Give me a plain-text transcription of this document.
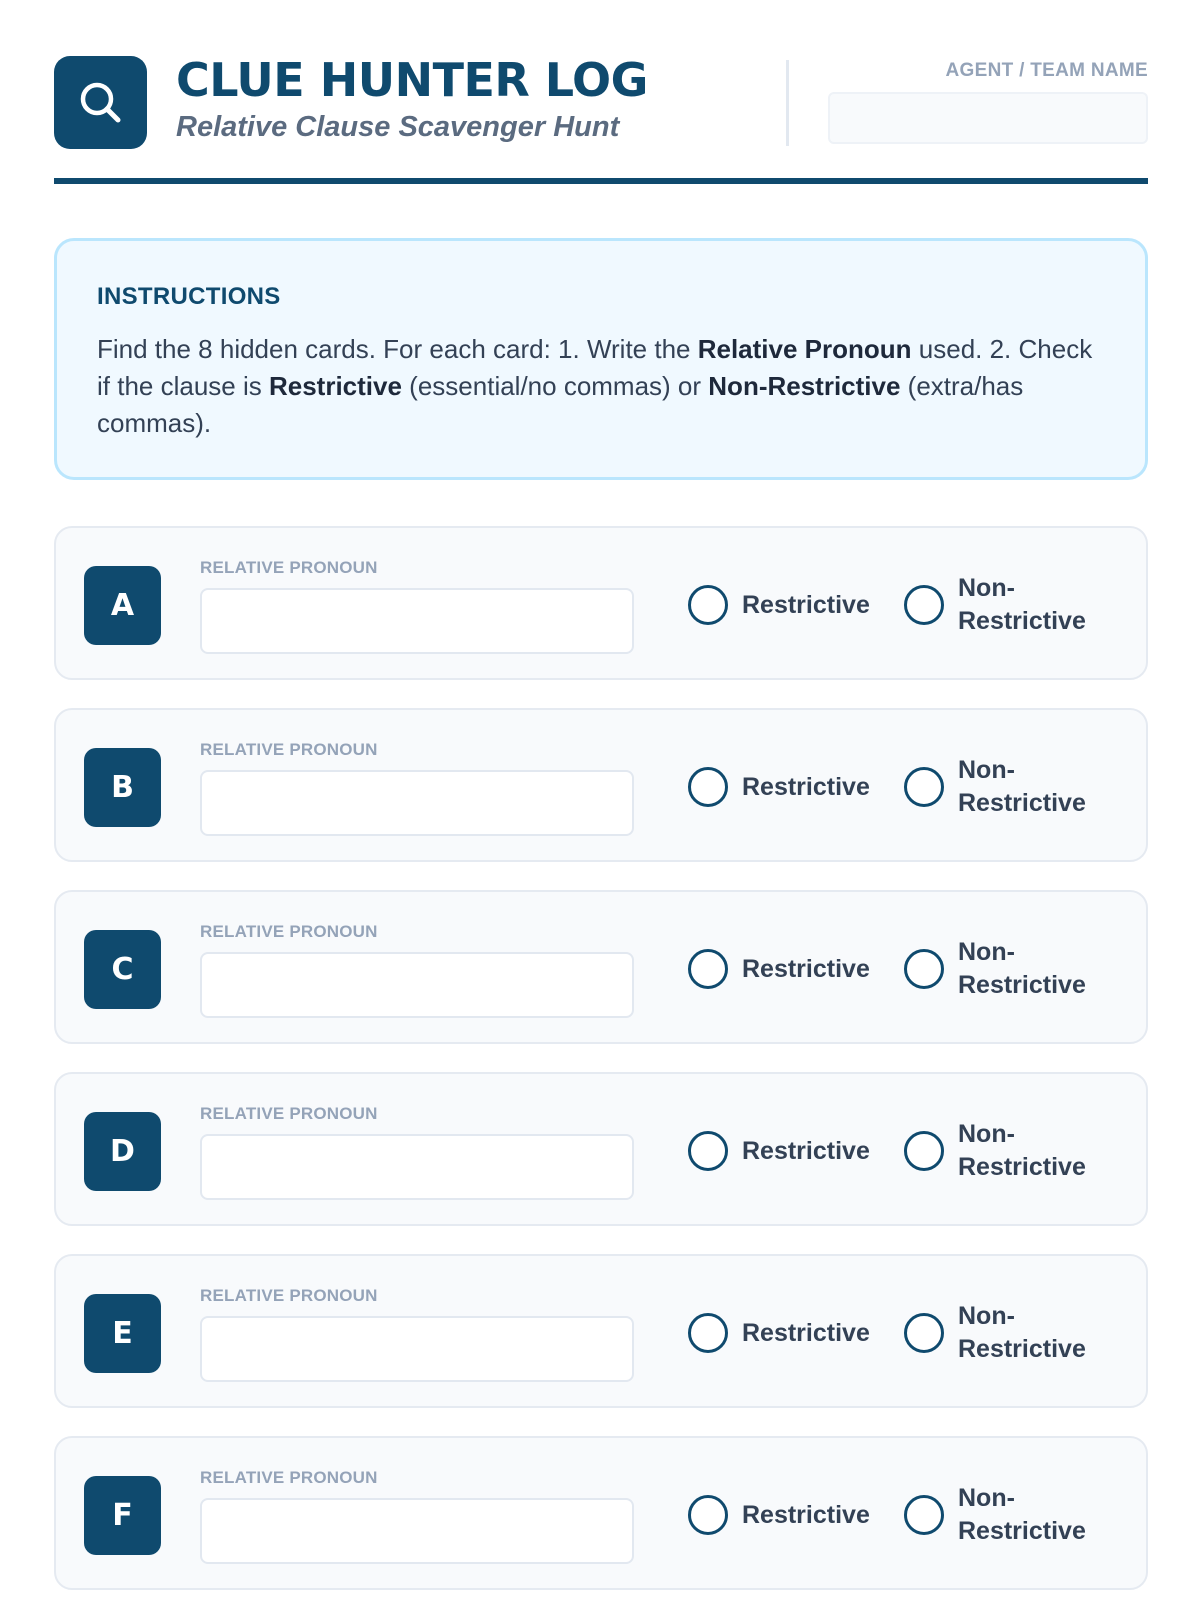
CLUE HUNTER LOG
Relative Clause Scavenger Hunt
AGENT / TEAM NAME
INSTRUCTIONS
Find the 8 hidden cards. For each card: 1. Write the Relative Pronoun used. 2. Check if the clause is Restrictive (essential/no commas) or Non-Restrictive (extra/has commas).
A
RELATIVE PRONOUN
Restrictive
Non-Restrictive
B
RELATIVE PRONOUN
Restrictive
Non-Restrictive
C
RELATIVE PRONOUN
Restrictive
Non-Restrictive
D
RELATIVE PRONOUN
Restrictive
Non-Restrictive
E
RELATIVE PRONOUN
Restrictive
Non-Restrictive
F
RELATIVE PRONOUN
Restrictive
Non-Restrictive
